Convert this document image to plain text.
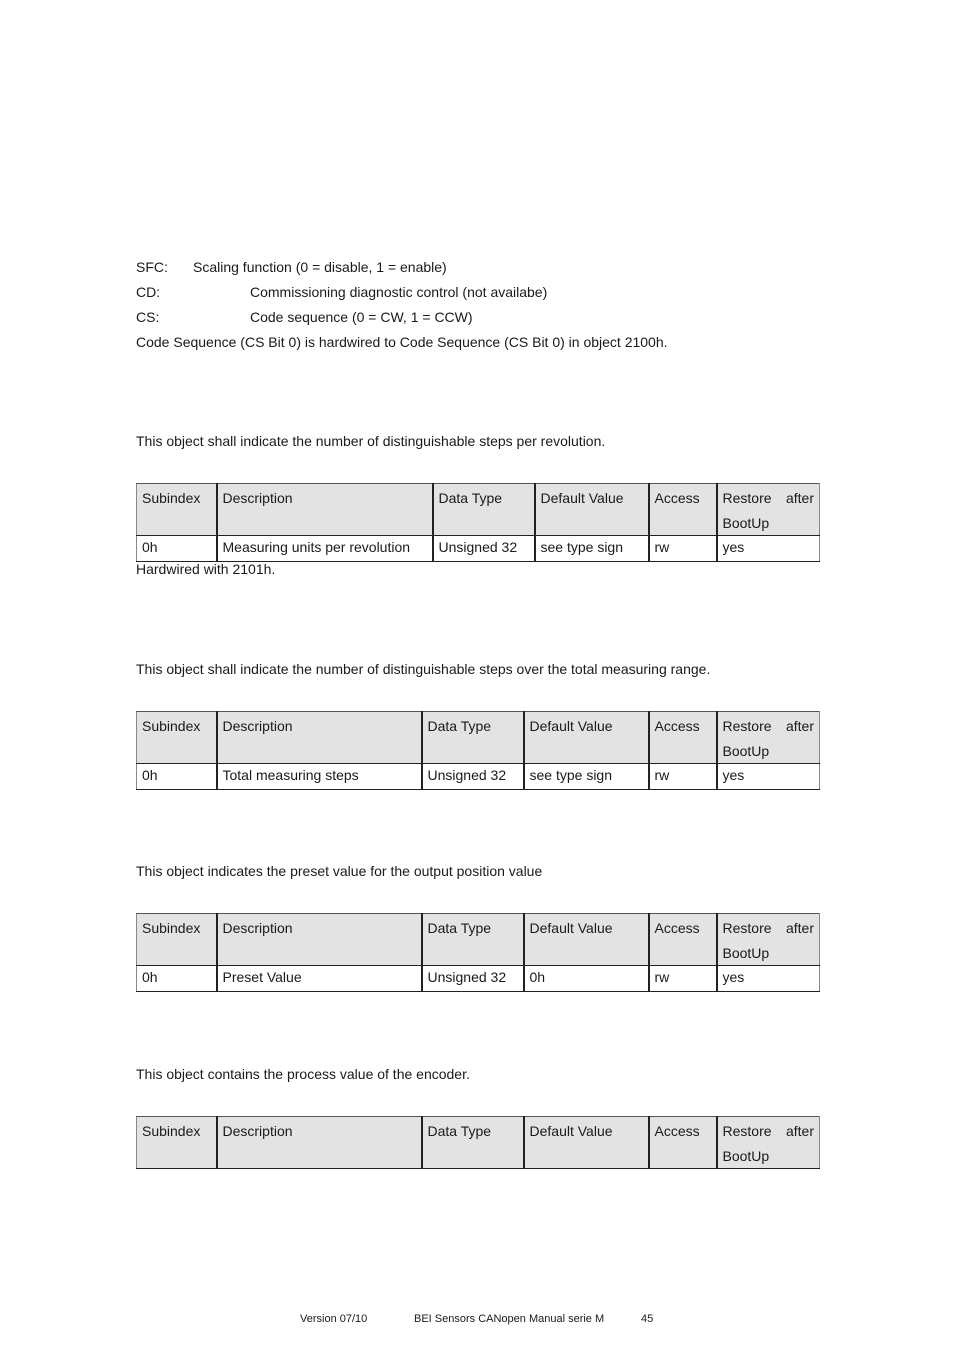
SFC: Scaling function (0 = disable, 1 = enable)
CD:	Commissioning diagnostic control (not availabe)
CS:	Code sequence (0 = CW, 1 = CCW)
Code Sequence (CS Bit 0) is hardwired to Code Sequence (CS Bit 0) in object 2100h.
This object shall indicate the number of distinguishable steps per revolution.
Subindex	Description	Data Type	Default Value	Access	Restore after
BootUp
0h	Measuring units per revolution	Unsigned 32	see type sign	rw	yes
Hardwired with 2101h.
This object shall indicate the number of distinguishable steps over the total measuring range.
Subindex	Description	Data Type	Default Value	Access	Restore after
BootUp
0h	Total measuring steps	Unsigned 32	see type sign	rw	yes
This object indicates the preset value for the output position value
Subindex	Description	Data Type	Default Value	Access	Restore after
BootUp
0h	Preset Value	Unsigned 32	0h	rw	yes
This object contains the process value of the encoder.
Subindex	Description	Data Type	Default Value	Access	Restore after
BootUp
Version 07/10	BEI Sensors CANopen Manual serie M	45
